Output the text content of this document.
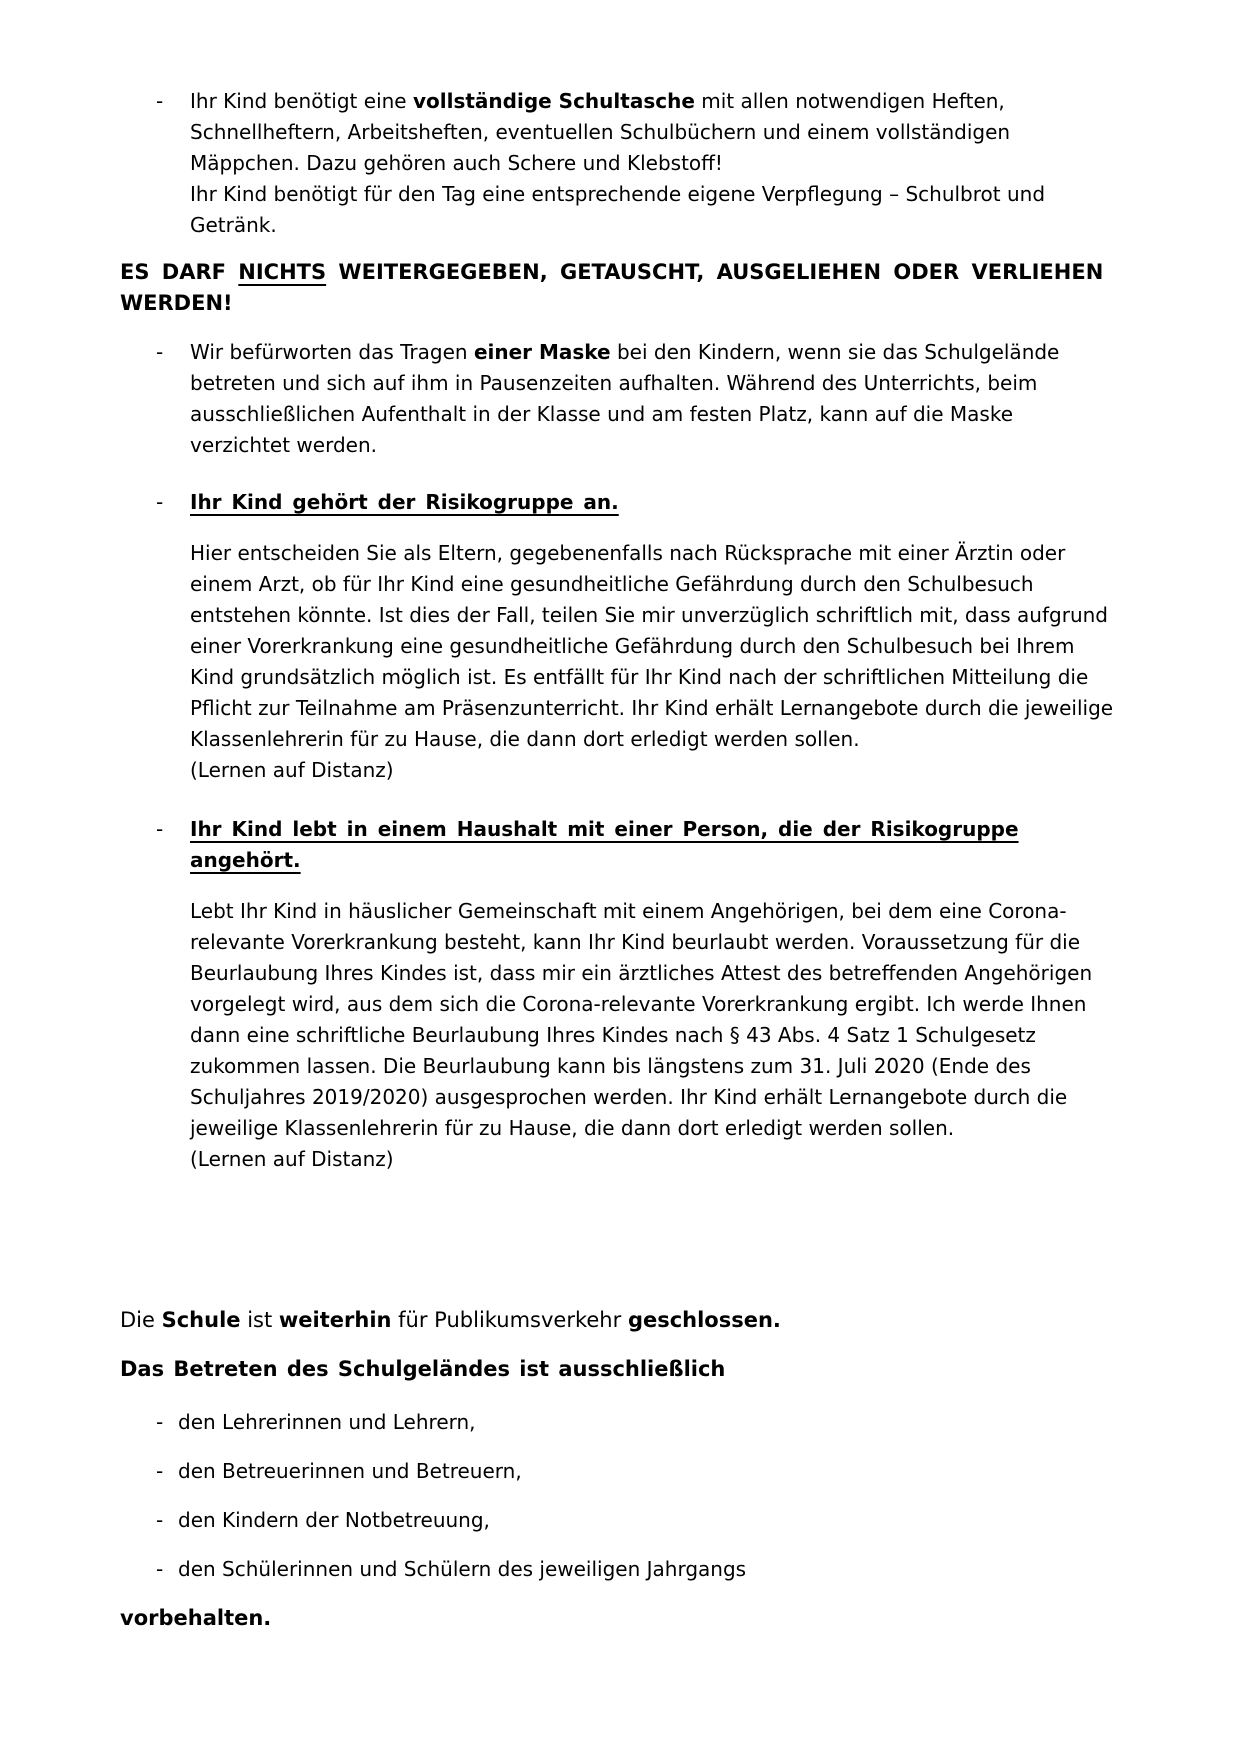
-	Ihr Kind benötigt eine vollständige Schultasche mit allen notwendigen Heften, Schnellheftern, Arbeitsheften, eventuellen Schulbüchern und einem vollständigen Mäppchen. Dazu gehören auch Schere und Klebstoff!

Ihr Kind benötigt für den Tag eine entsprechende eigene Verpflegung – Schulbrot und Getränk.

ES DARF NICHTS WEITERGEGEBEN, GETAUSCHT, AUSGELIEHEN ODER VERLIEHEN WERDEN!

-	Wir befürworten das Tragen einer Maske bei den Kindern, wenn sie das Schulgelände betreten und sich auf ihm in Pausenzeiten aufhalten. Während des Unterrichts, beim ausschließlichen Aufenthalt in der Klasse und am festen Platz, kann auf die Maske verzichtet werden.

-	Ihr Kind gehört der Risikogruppe an.

Hier entscheiden Sie als Eltern, gegebenenfalls nach Rücksprache mit einer Ärztin oder einem Arzt, ob für Ihr Kind eine gesundheitliche Gefährdung durch den Schulbesuch entstehen könnte. Ist dies der Fall, teilen Sie mir unverzüglich schriftlich mit, dass aufgrund einer Vorerkrankung eine gesundheitliche Gefährdung durch den Schulbesuch bei Ihrem Kind grundsätzlich möglich ist. Es entfällt für Ihr Kind nach der schriftlichen Mitteilung die Pflicht zur Teilnahme am Präsenzunterricht. Ihr Kind erhält Lernangebote durch die jeweilige Klassenlehrerin für zu Hause, die dann dort erledigt werden sollen.

(Lernen auf Distanz)

-	Ihr Kind lebt in einem Haushalt mit einer Person, die der Risikogruppe angehört.

Lebt Ihr Kind in häuslicher Gemeinschaft mit einem Angehörigen, bei dem eine Corona-relevante Vorerkrankung besteht, kann Ihr Kind beurlaubt werden. Voraussetzung für die Beurlaubung Ihres Kindes ist, dass mir ein ärztliches Attest des betreffenden Angehörigen vorgelegt wird, aus dem sich die Corona-relevante Vorerkrankung ergibt. Ich werde Ihnen dann eine schriftliche Beurlaubung Ihres Kindes nach § 43 Abs. 4 Satz 1 Schulgesetz zukommen lassen. Die Beurlaubung kann bis längstens zum 31. Juli 2020 (Ende des Schuljahres 2019/2020) ausgesprochen werden. Ihr Kind erhält Lernangebote durch die jeweilige Klassenlehrerin für zu Hause, die dann dort erledigt werden sollen.

(Lernen auf Distanz)

Die Schule ist weiterhin für Publikumsverkehr geschlossen.

Das Betreten des Schulgeländes ist ausschließlich

- den Lehrerinnen und Lehrern,
- den Betreuerinnen und Betreuern,
- den Kindern der Notbetreuung,
- den Schülerinnen und Schülern des jeweiligen Jahrgangs

vorbehalten.
